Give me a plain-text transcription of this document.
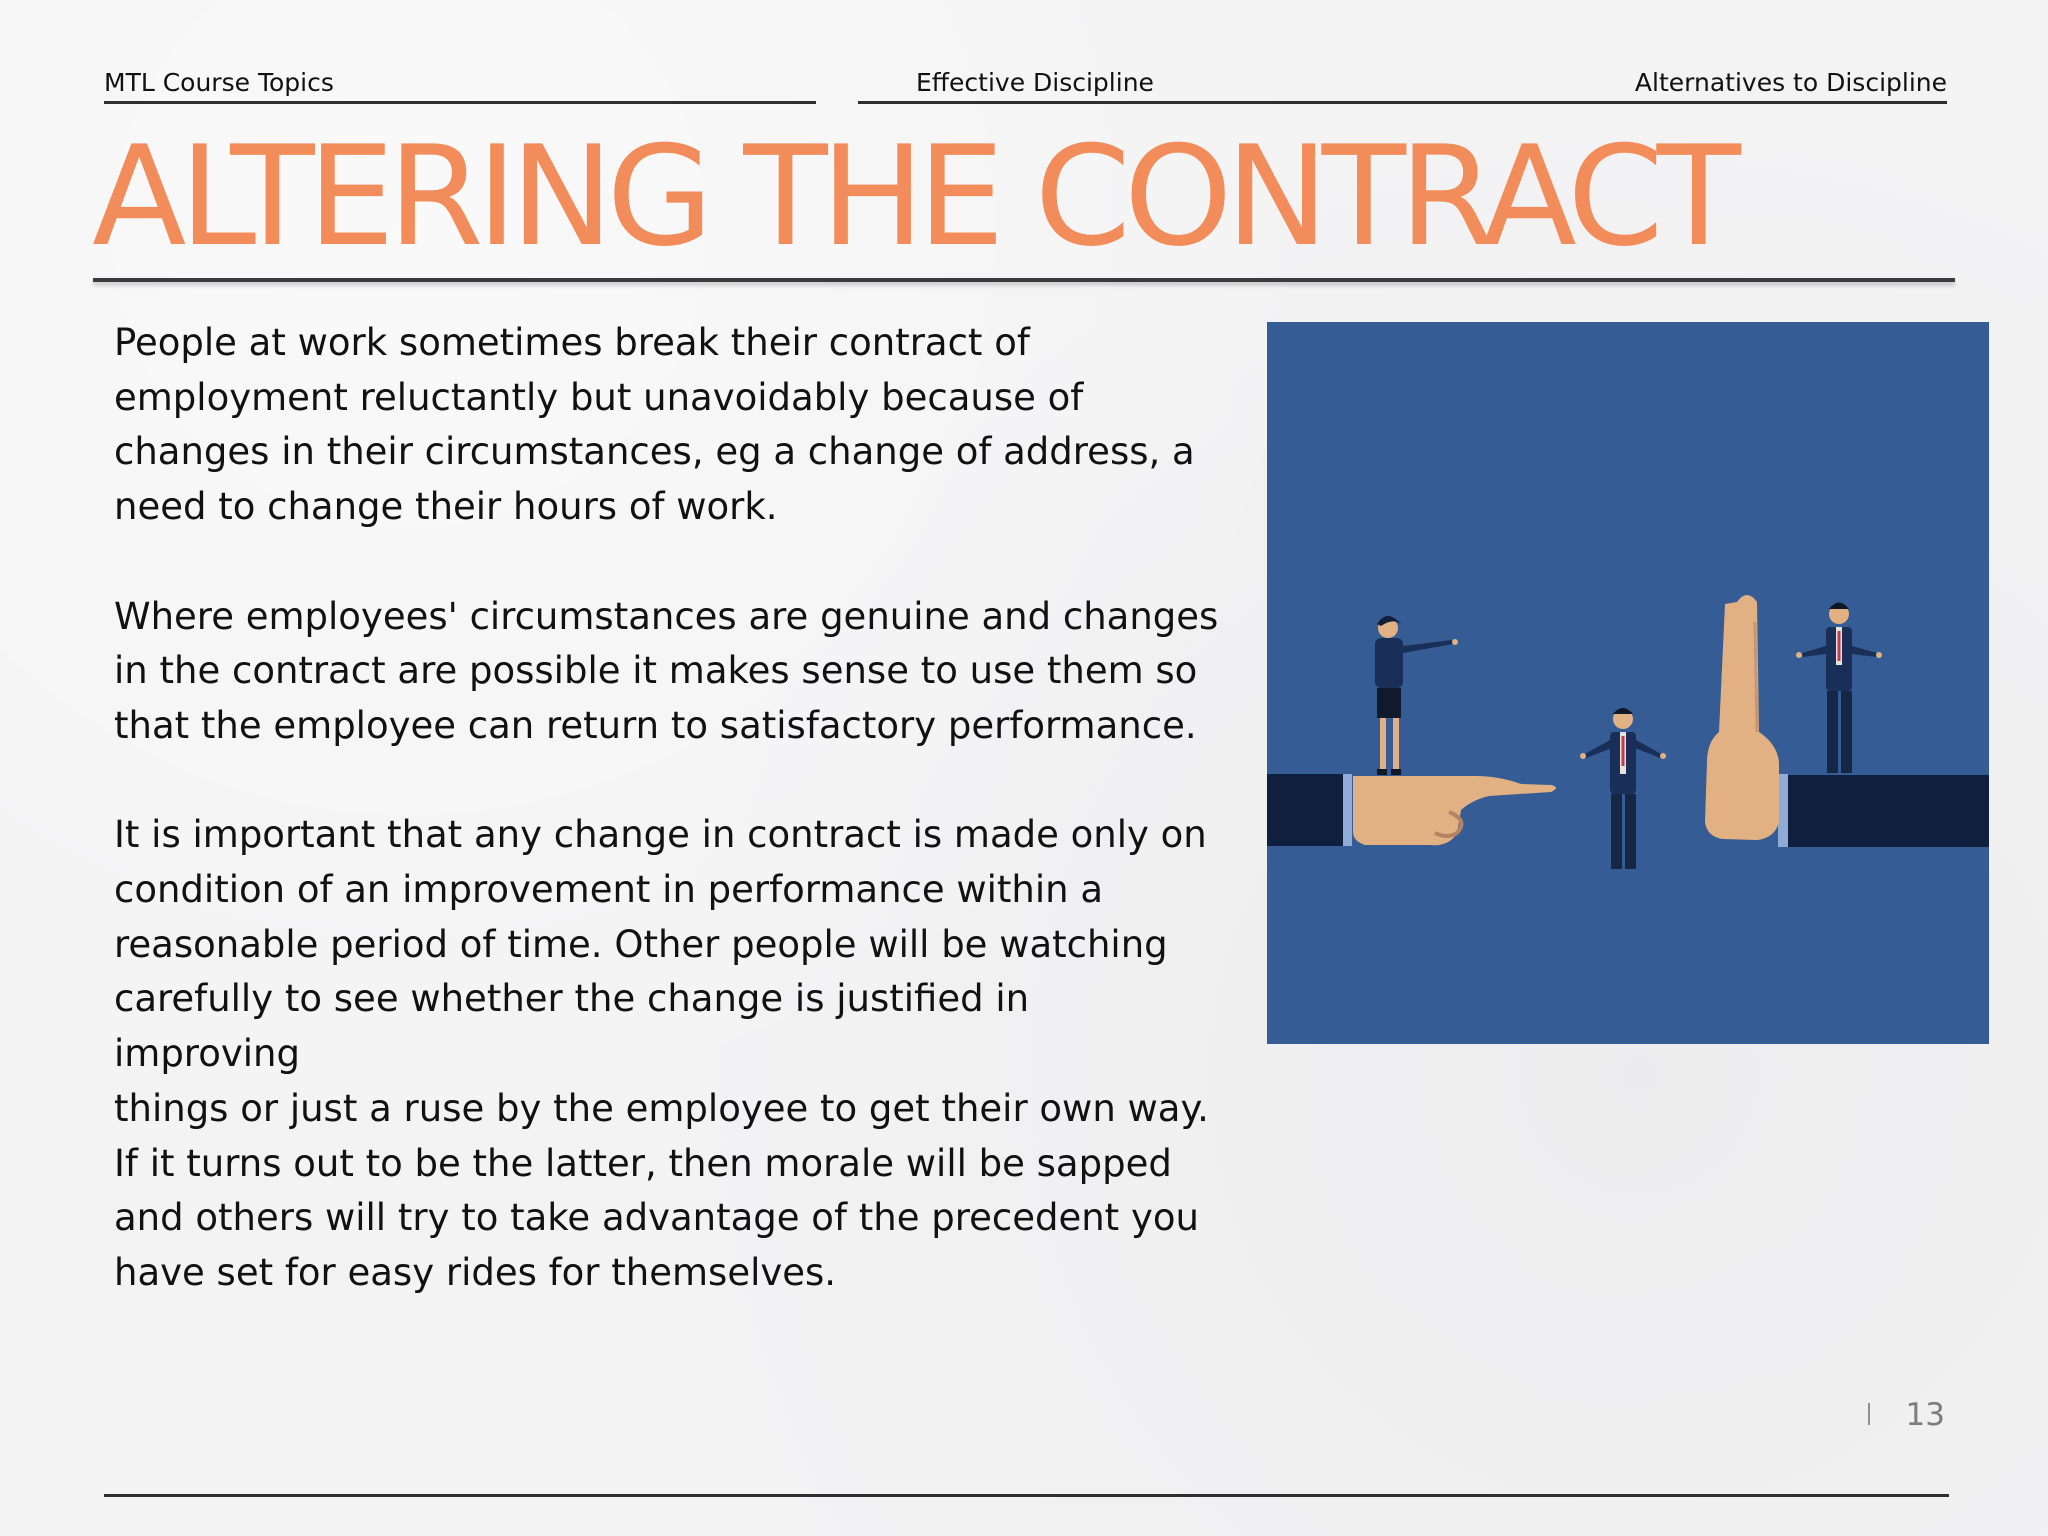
MTL Course Topics	Effective Discipline	Alternatives to Discipline
ALTERING THE CONTRACT

People at work sometimes break their contract of
employment reluctantly but unavoidably because of
changes in their circumstances, eg a change of address, a
need to change their hours of work.

Where employees' circumstances are genuine and changes
in the contract are possible it makes sense to use them so
that the employee can return to satisfactory performance.

It is important that any change in contract is made only on
condition of an improvement in performance within a
reasonable period of time. Other people will be watching
carefully to see whether the change is justified in improving
things or just a ruse by the employee to get their own way.
If it turns out to be the latter, then morale will be sapped
and others will try to take advantage of the precedent you
have set for easy rides for themselves.

13
